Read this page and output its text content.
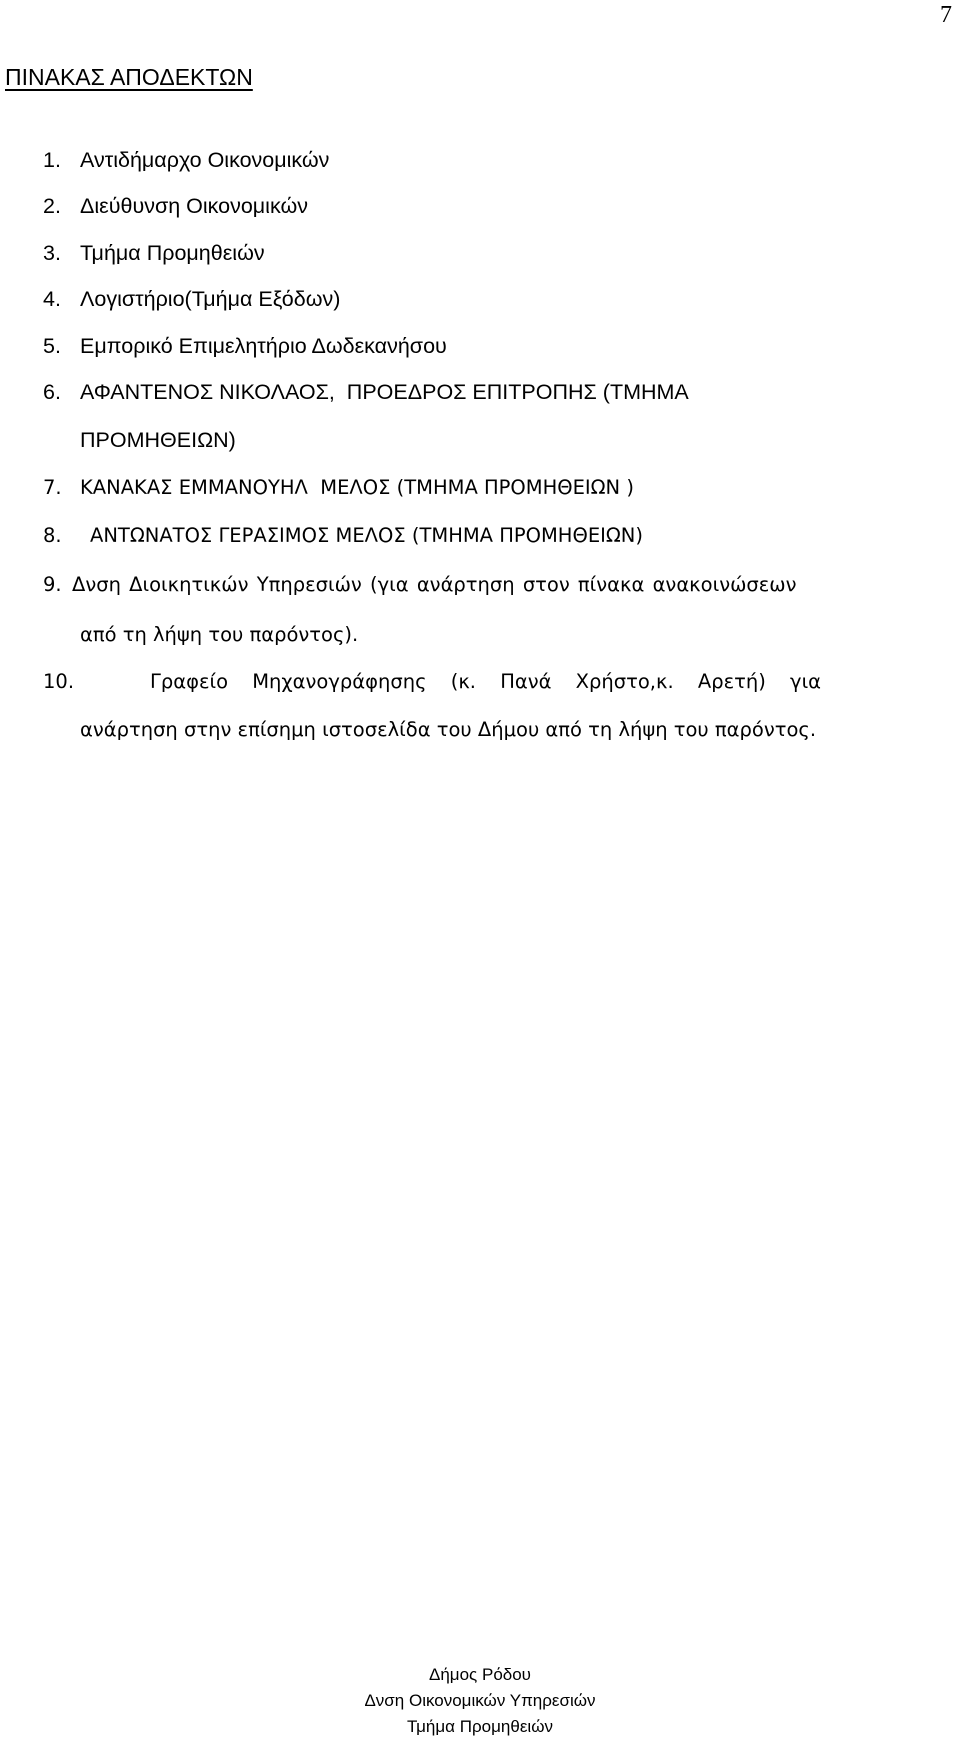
7
ΠΙΝΑΚΑΣ ΑΠΟΔΕΚΤΩΝ
1. Αντιδήμαρχο Οικονομικών
2. Διεύθυνση Οικονομικών
3. Τμήμα Προμηθειών
4. Λογιστήριο(Τμήμα Εξόδων)
5. Εμπορικό Επιμελητήριο Δωδεκανήσου
6. ΑΦΑΝΤΕΝΟΣ ΝΙΚΟΛΑΟΣ,  ΠΡΟΕΔΡΟΣ ΕΠΙΤΡΟΠΗΣ (ΤΜΗΜΑ
ΠΡΟΜΗΘΕΙΩΝ)
7. ΚΑΝΑΚΑΣ ΕΜΜΑΝΟΥΗΛ  ΜΕΛΟΣ (ΤΜΗΜΑ ΠΡΟΜΗΘΕΙΩΝ )
8. ΑΝΤΩΝΑΤΟΣ ΓΕΡΑΣΙΜΟΣ ΜΕΛΟΣ (ΤΜΗΜΑ ΠΡΟΜΗΘΕΙΩΝ)
9. Δνση Διοικητικών Υπηρεσιών (για ανάρτηση στον πίνακα ανακοινώσεων
από τη λήψη του παρόντος).
10.	Γραφείο Μηχανογράφησης (κ. Πανά Χρήστο,κ. Αρετή) για
ανάρτηση στην επίσημη ιστοσελίδα του Δήμου από τη λήψη του παρόντος.
Δήμος Ρόδου
Δνση Οικονομικών Υπηρεσιών
Τμήμα Προμηθειών
